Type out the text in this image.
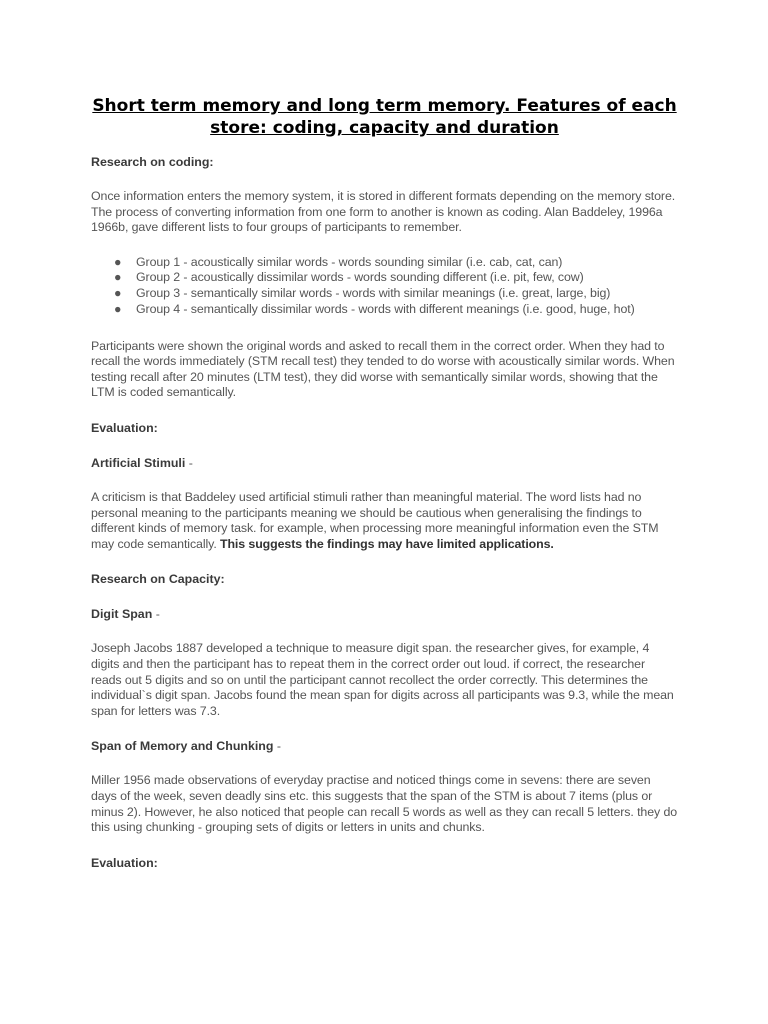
Short term memory and long term memory. Features of each store: coding, capacity and duration
Research on coding:

Once information enters the memory system, it is stored in different formats depending on the memory store. The process of converting information from one form to another is known as coding. Alan Baddeley, 1996a 1966b, gave different lists to four groups of participants to remember.

● Group 1 - acoustically similar words - words sounding similar (i.e. cab, cat, can)
● Group 2 - acoustically dissimilar words - words sounding different (i.e. pit, few, cow)
● Group 3 - semantically similar words - words with similar meanings (i.e. great, large, big)
● Group 4 - semantically dissimilar words - words with different meanings (i.e. good, huge, hot)

Participants were shown the original words and asked to recall them in the correct order. When they had to recall the words immediately (STM recall test) they tended to do worse with acoustically similar words. When testing recall after 20 minutes (LTM test), they did worse with semantically similar words, showing that the LTM is coded semantically.

Evaluation:
Artificial Stimuli -

A criticism is that Baddeley used artificial stimuli rather than meaningful material. The word lists had no personal meaning to the participants meaning we should be cautious when generalising the findings to different kinds of memory task. for example, when processing more meaningful information even the STM may code semantically. This suggests the findings may have limited applications.

Research on Capacity:
Digit Span -

Joseph Jacobs 1887 developed a technique to measure digit span. the researcher gives, for example, 4 digits and then the participant has to repeat them in the correct order out loud. if correct, the researcher reads out 5 digits and so on until the participant cannot recollect the order correctly. This determines the individual`s digit span. Jacobs found the mean span for digits across all participants was 9.3, while the mean span for letters was 7.3.

Span of Memory and Chunking -

Miller 1956 made observations of everyday practise and noticed things come in sevens: there are seven days of the week, seven deadly sins etc. this suggests that the span of the STM is about 7 items (plus or minus 2). However, he also noticed that people can recall 5 words as well as they can recall 5 letters. they do this using chunking - grouping sets of digits or letters in units and chunks.

Evaluation:
